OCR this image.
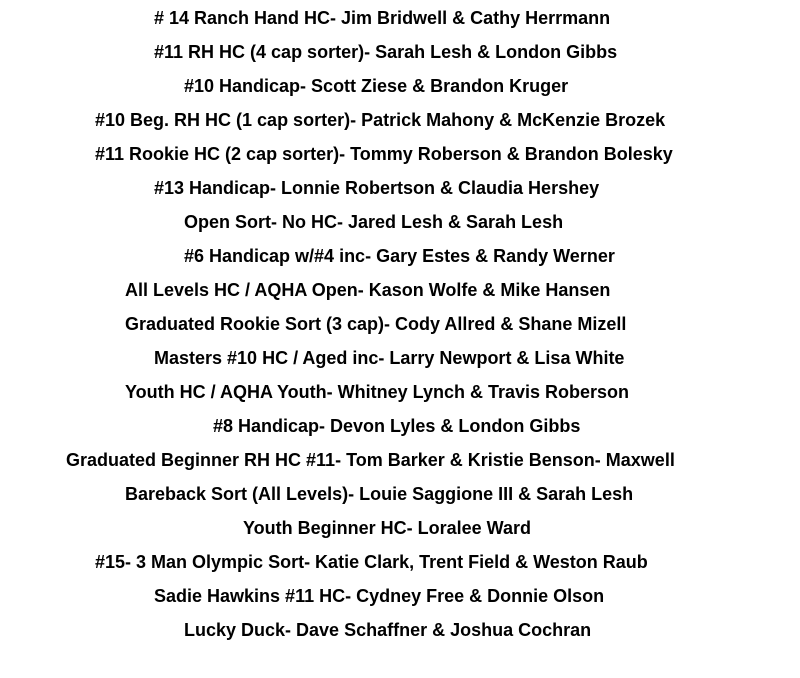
# 14 Ranch Hand HC- Jim Bridwell & Cathy Herrmann
#11 RH HC (4 cap sorter)- Sarah Lesh & London Gibbs
#10 Handicap- Scott Ziese & Brandon Kruger
#10 Beg. RH HC (1 cap sorter)- Patrick Mahony & McKenzie Brozek
#11 Rookie HC (2 cap sorter)- Tommy Roberson & Brandon Bolesky
#13 Handicap- Lonnie Robertson & Claudia Hershey
Open Sort- No HC- Jared Lesh & Sarah Lesh
#6 Handicap w/#4 inc- Gary Estes & Randy Werner
All Levels HC / AQHA Open- Kason Wolfe & Mike Hansen
Graduated Rookie Sort (3 cap)- Cody Allred & Shane Mizell
Masters #10 HC / Aged inc- Larry Newport & Lisa White
Youth HC / AQHA Youth- Whitney Lynch & Travis Roberson
#8 Handicap- Devon Lyles & London Gibbs
Graduated Beginner RH HC #11- Tom Barker & Kristie Benson- Maxwell
Bareback Sort (All Levels)- Louie Saggione III & Sarah Lesh
Youth Beginner HC- Loralee Ward
#15- 3 Man Olympic Sort- Katie Clark, Trent Field & Weston Raub
Sadie Hawkins #11 HC- Cydney Free & Donnie Olson
Lucky Duck- Dave Schaffner & Joshua Cochran
